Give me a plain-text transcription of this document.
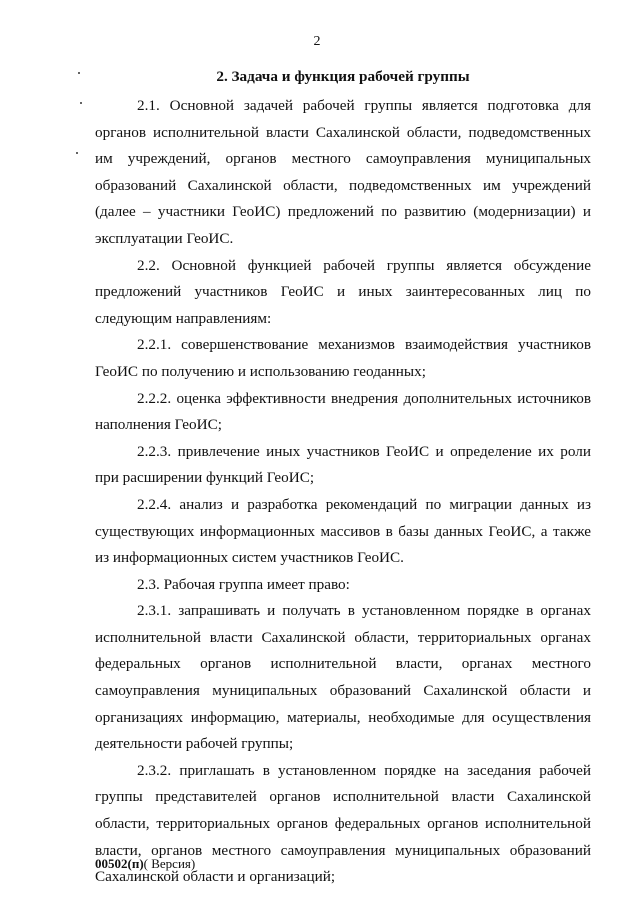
2
2. Задача и функция рабочей группы

2.1. Основной задачей рабочей группы является подготовка для органов исполнительной власти Сахалинской области, подведомственных им учреждений, органов местного самоуправления муниципальных образований Сахалинской области, подведомственных им учреждений (далее – участники ГеоИС) предложений по развитию (модернизации) и эксплуатации ГеоИС.

2.2. Основной функцией рабочей группы является обсуждение предложений участников ГеоИС и иных заинтересованных лиц по следующим направлениям:

2.2.1. совершенствование механизмов взаимодействия участников ГеоИС по получению и использованию геоданных;

2.2.2. оценка эффективности внедрения дополнительных источников наполнения ГеоИС;

2.2.3. привлечение иных участников ГеоИС и определение их роли при расширении функций ГеоИС;

2.2.4. анализ и разработка рекомендаций по миграции данных из существующих информационных массивов в базы данных ГеоИС, а также из информационных систем участников ГеоИС.

2.3. Рабочая группа имеет право:

2.3.1. запрашивать и получать в установленном порядке в органах исполнительной власти Сахалинской области, территориальных органах федеральных органов исполнительной власти, органах местного самоуправления муниципальных образований Сахалинской области и организациях информацию, материалы, необходимые для осуществления деятельности рабочей группы;

2.3.2. приглашать в установленном порядке на заседания рабочей группы представителей органов исполнительной власти Сахалинской области, территориальных органов федеральных органов исполнительной власти, органов местного самоуправления муниципальных образований Сахалинской области и организаций;

00502(п)( Версия)
